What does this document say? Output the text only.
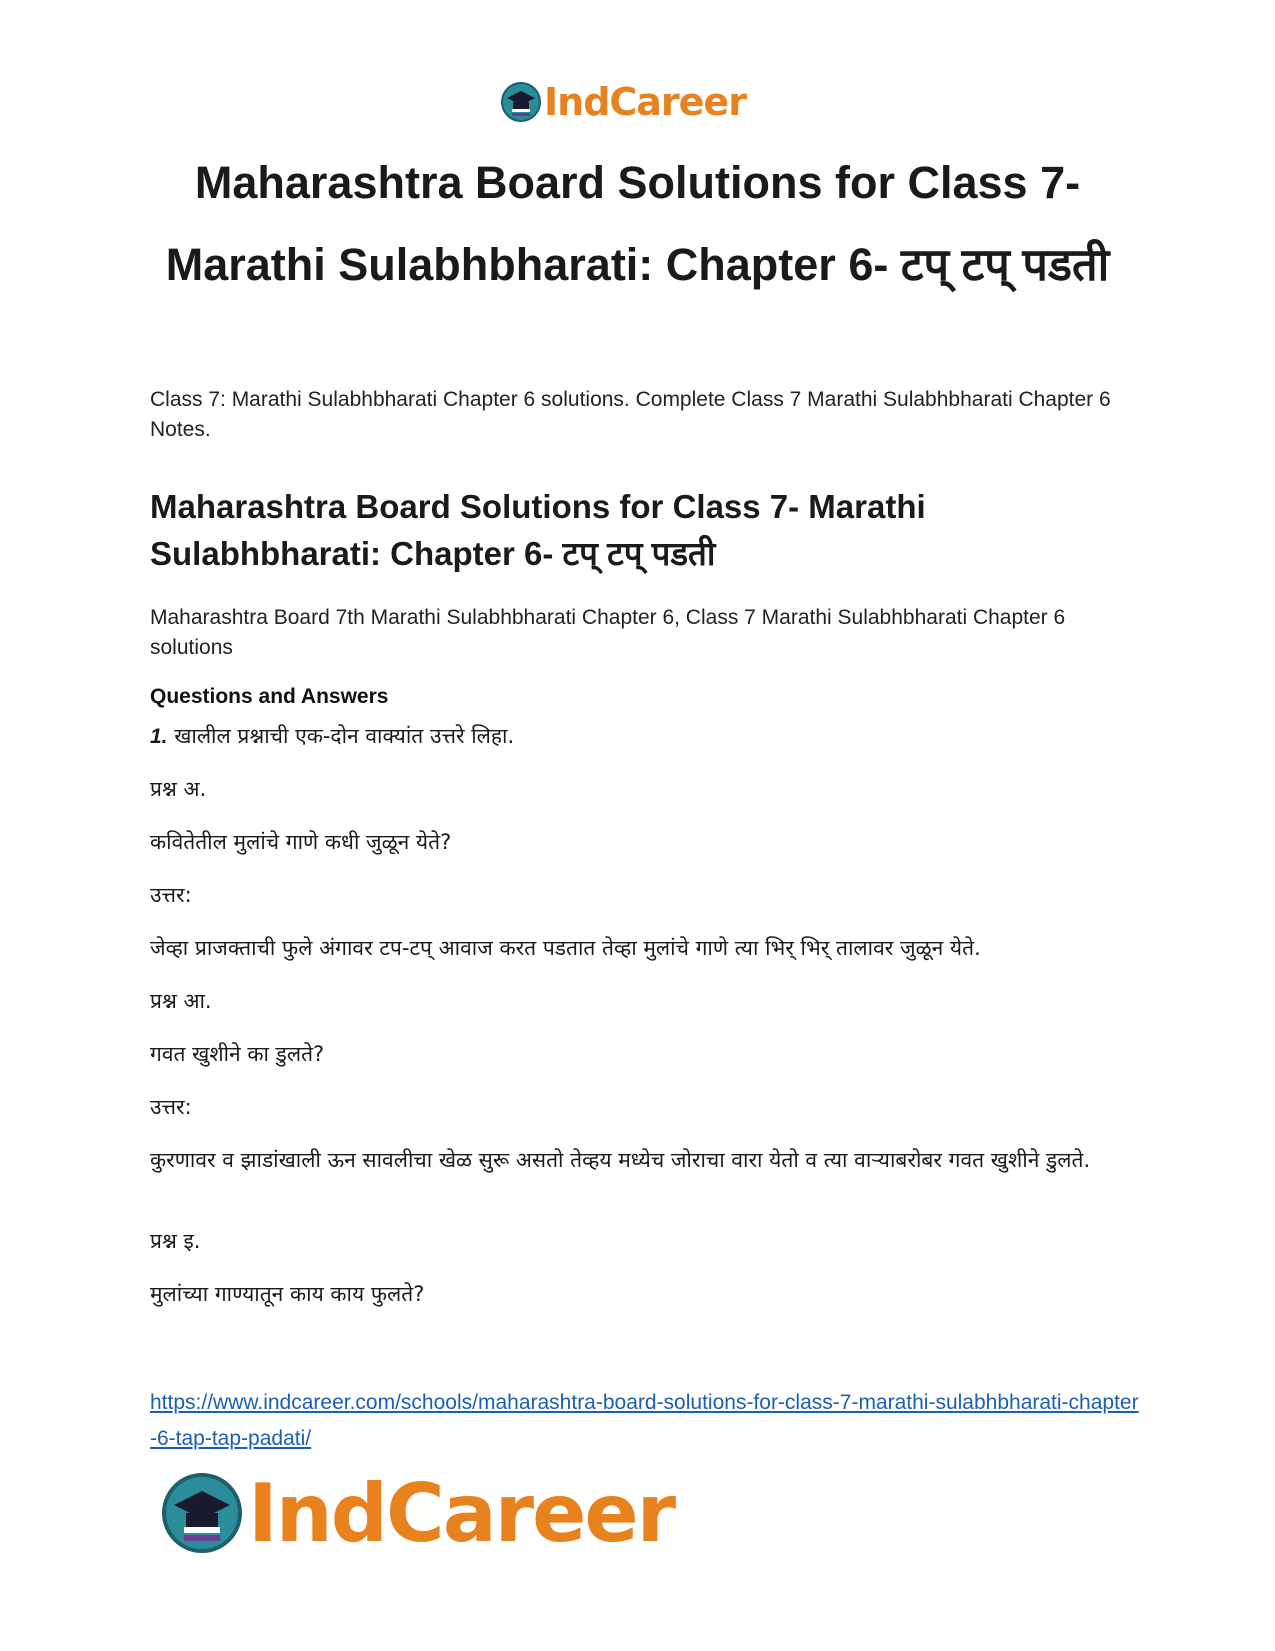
IndCareer
Maharashtra Board Solutions for Class 7-
Marathi Sulabhbharati: Chapter 6- टप् टप् पडती
Class 7: Marathi Sulabhbharati Chapter 6 solutions. Complete Class 7 Marathi Sulabhbharati Chapter 6 Notes.
Maharashtra Board Solutions for Class 7- Marathi Sulabhbharati: Chapter 6- टप् टप् पडती
Maharashtra Board 7th Marathi Sulabhbharati Chapter 6, Class 7 Marathi Sulabhbharati Chapter 6 solutions
Questions and Answers
1. खालील प्रश्नाची एक-दोन वाक्यांत उत्तरे लिहा.
प्रश्न अ.
कवितेतील मुलांचे गाणे कधी जुळून येते?
उत्तर:
जेव्हा प्राजक्ताची फुले अंगावर टप-टप् आवाज करत पडतात तेव्हा मुलांचे गाणे त्या भिर् भिर् तालावर जुळून येते.
प्रश्न आ.
गवत खुशीने का डुलते?
उत्तर:
कुरणावर व झाडांखाली ऊन सावलीचा खेळ सुरू असतो तेव्हय मध्येच जोराचा वारा येतो व त्या वाऱ्याबरोबर गवत खुशीने डुलते.
प्रश्न इ.
मुलांच्या गाण्यातून काय काय फुलते?
https://www.indcareer.com/schools/maharashtra-board-solutions-for-class-7-marathi-sulabhbharati-chapter-6-tap-tap-padati/
IndCareer
